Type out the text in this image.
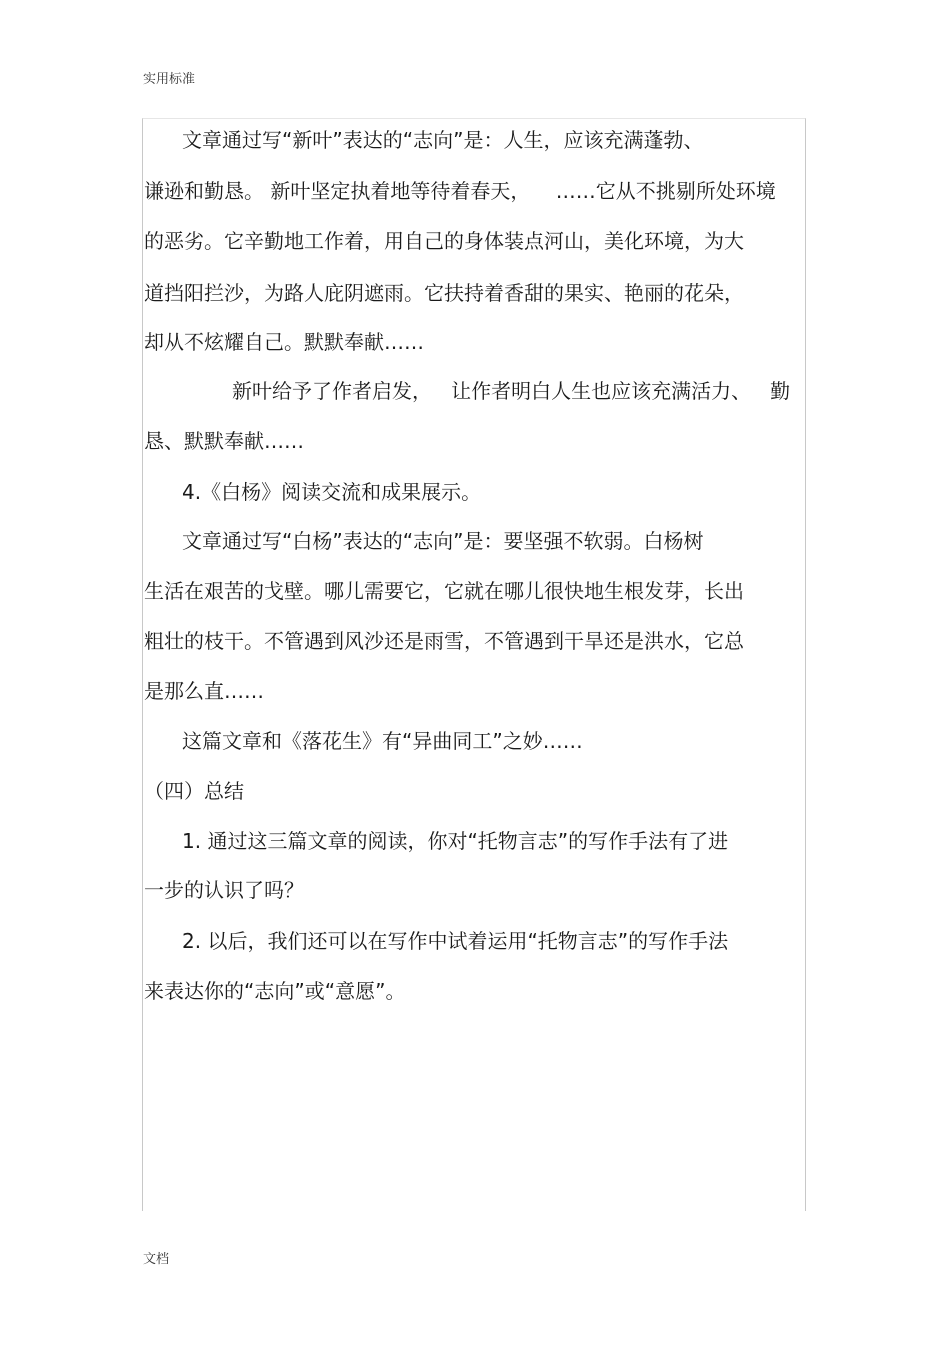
实用标准
文章通过写“新叶”表达的“志向”是：人生，应该充满蓬勃、
谦逊和勤恳。 新叶坚定执着地等待着春天，    ……它从不挑剔所处环境
的恶劣。它辛勤地工作着，用自己的身体装点河山，美化环境，为大
道挡阳拦沙，为路人庇阴遮雨。它扶持着香甜的果实、艳丽的花朵，
却从不炫耀自己。默默奉献……
新叶给予了作者启发，   让作者明白人生也应该充满活力、   勤
恳、默默奉献……
4.《白杨》阅读交流和成果展示。
文章通过写“白杨”表达的“志向”是：要坚强不软弱。白杨树
生活在艰苦的戈壁。哪儿需要它，它就在哪儿很快地生根发芽，长出
粗壮的枝干。不管遇到风沙还是雨雪，不管遇到干旱还是洪水，它总
是那么直……
这篇文章和《落花生》有“异曲同工”之妙……
（四）总结
1. 通过这三篇文章的阅读，你对“托物言志”的写作手法有了进
一步的认识了吗？
2. 以后，我们还可以在写作中试着运用“托物言志”的写作手法
来表达你的“志向”或“意愿”。
文档
